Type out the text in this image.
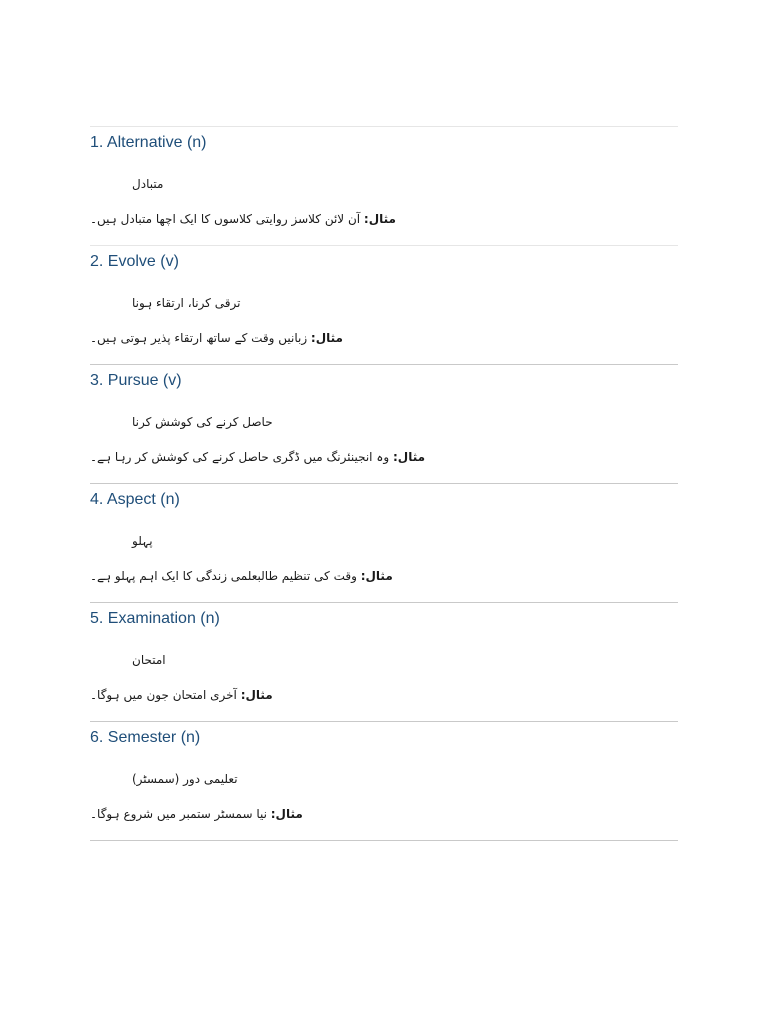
1. Alternative (n)
متبادل
مثال: آن لائن کلاسز روایتی کلاسوں کا ایک اچھا متبادل ہیں۔
2. Evolve (v)
ترقی کرنا، ارتقاء ہونا
مثال: زبانیں وقت کے ساتھ ارتقاء پذیر ہوتی ہیں۔
3. Pursue (v)
حاصل کرنے کی کوشش کرنا
مثال: وہ انجینئرنگ میں ڈگری حاصل کرنے کی کوشش کر رہا ہے۔
4. Aspect (n)
پہلو
مثال: وقت کی تنظیم طالبعلمی زندگی کا ایک اہم پہلو ہے۔
5. Examination (n)
امتحان
مثال: آخری امتحان جون میں ہوگا۔
6. Semester (n)
تعلیمی دور (سمسٹر)
مثال: نیا سمسٹر ستمبر میں شروع ہوگا۔
